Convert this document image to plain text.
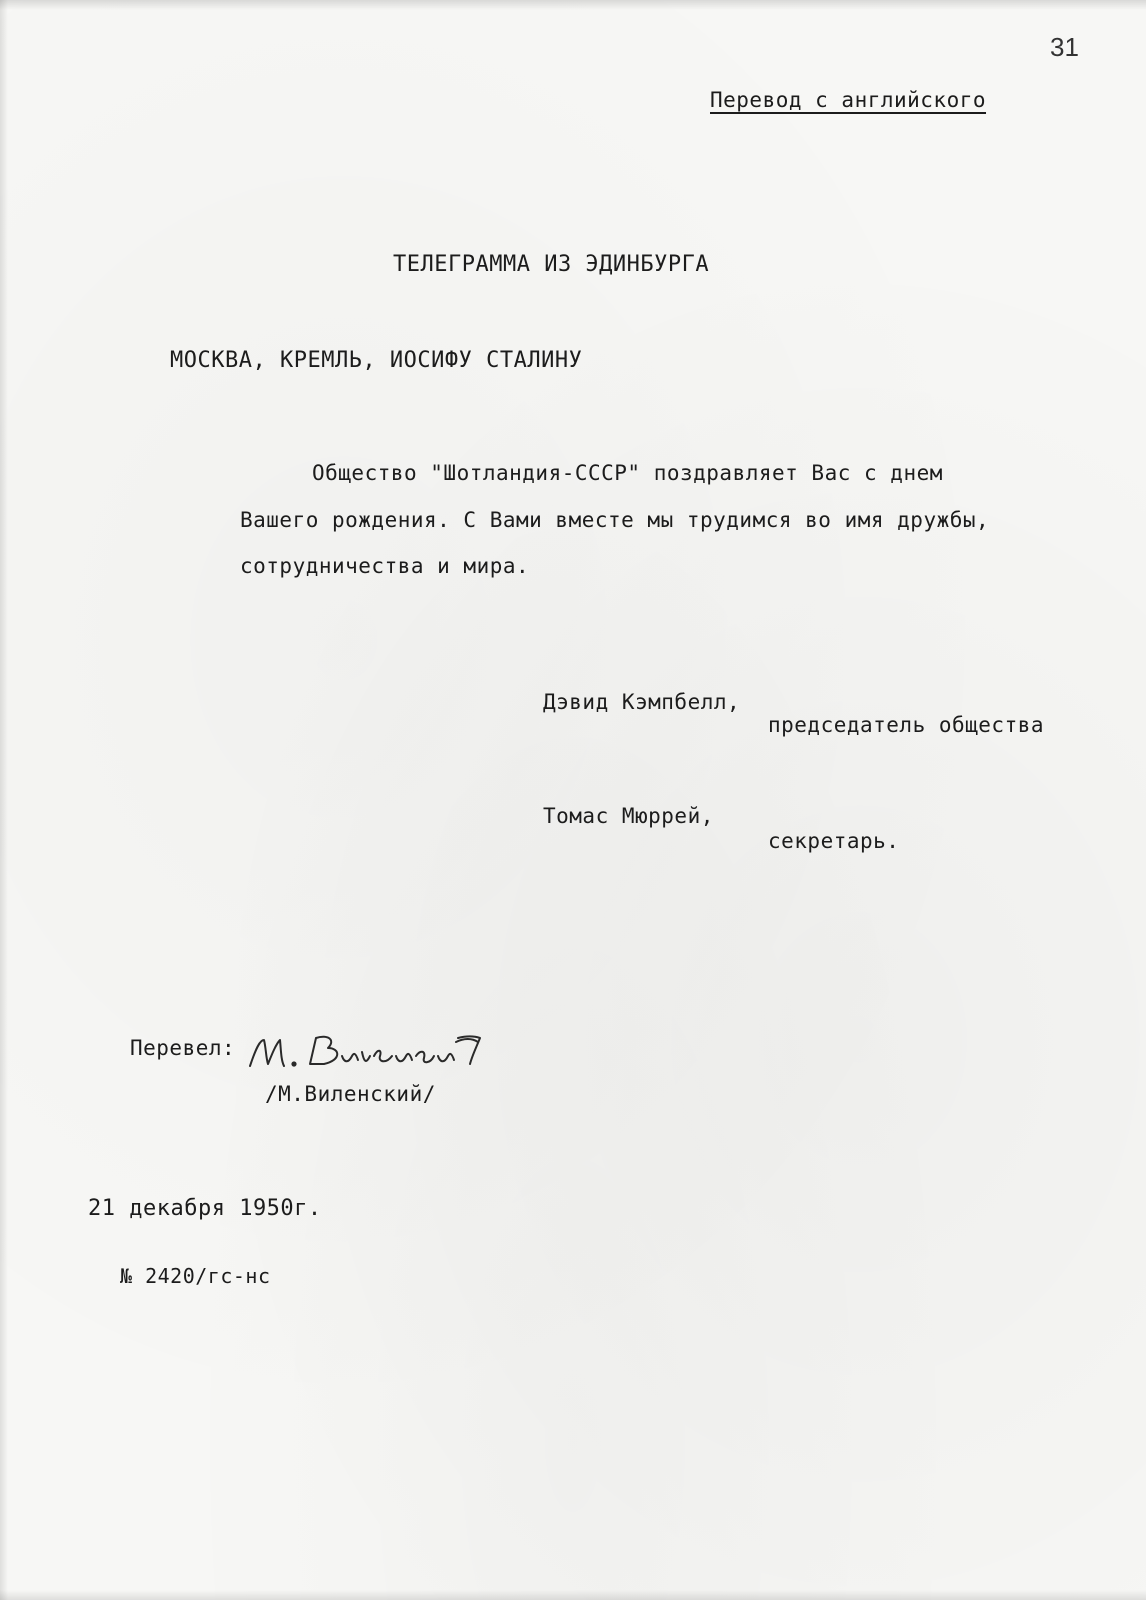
31
Перевод с английского
ТЕЛЕГРАММА ИЗ ЭДИНБУРГА
МОСКВА, КРЕМЛЬ, ИОСИФУ СТАЛИНУ
Общество "Шотландия-СССР" поздравляет Вас с днем
Вашего рождения. С Вами вместе мы трудимся во имя дружбы,
сотрудничества и мира.
Дэвид Кэмпбелл,
председатель общества
Томас Мюррей,
секретарь.
Перевел:
/М.Виленский/
21 декабря 1950г.
№ 2420/гс-нс
